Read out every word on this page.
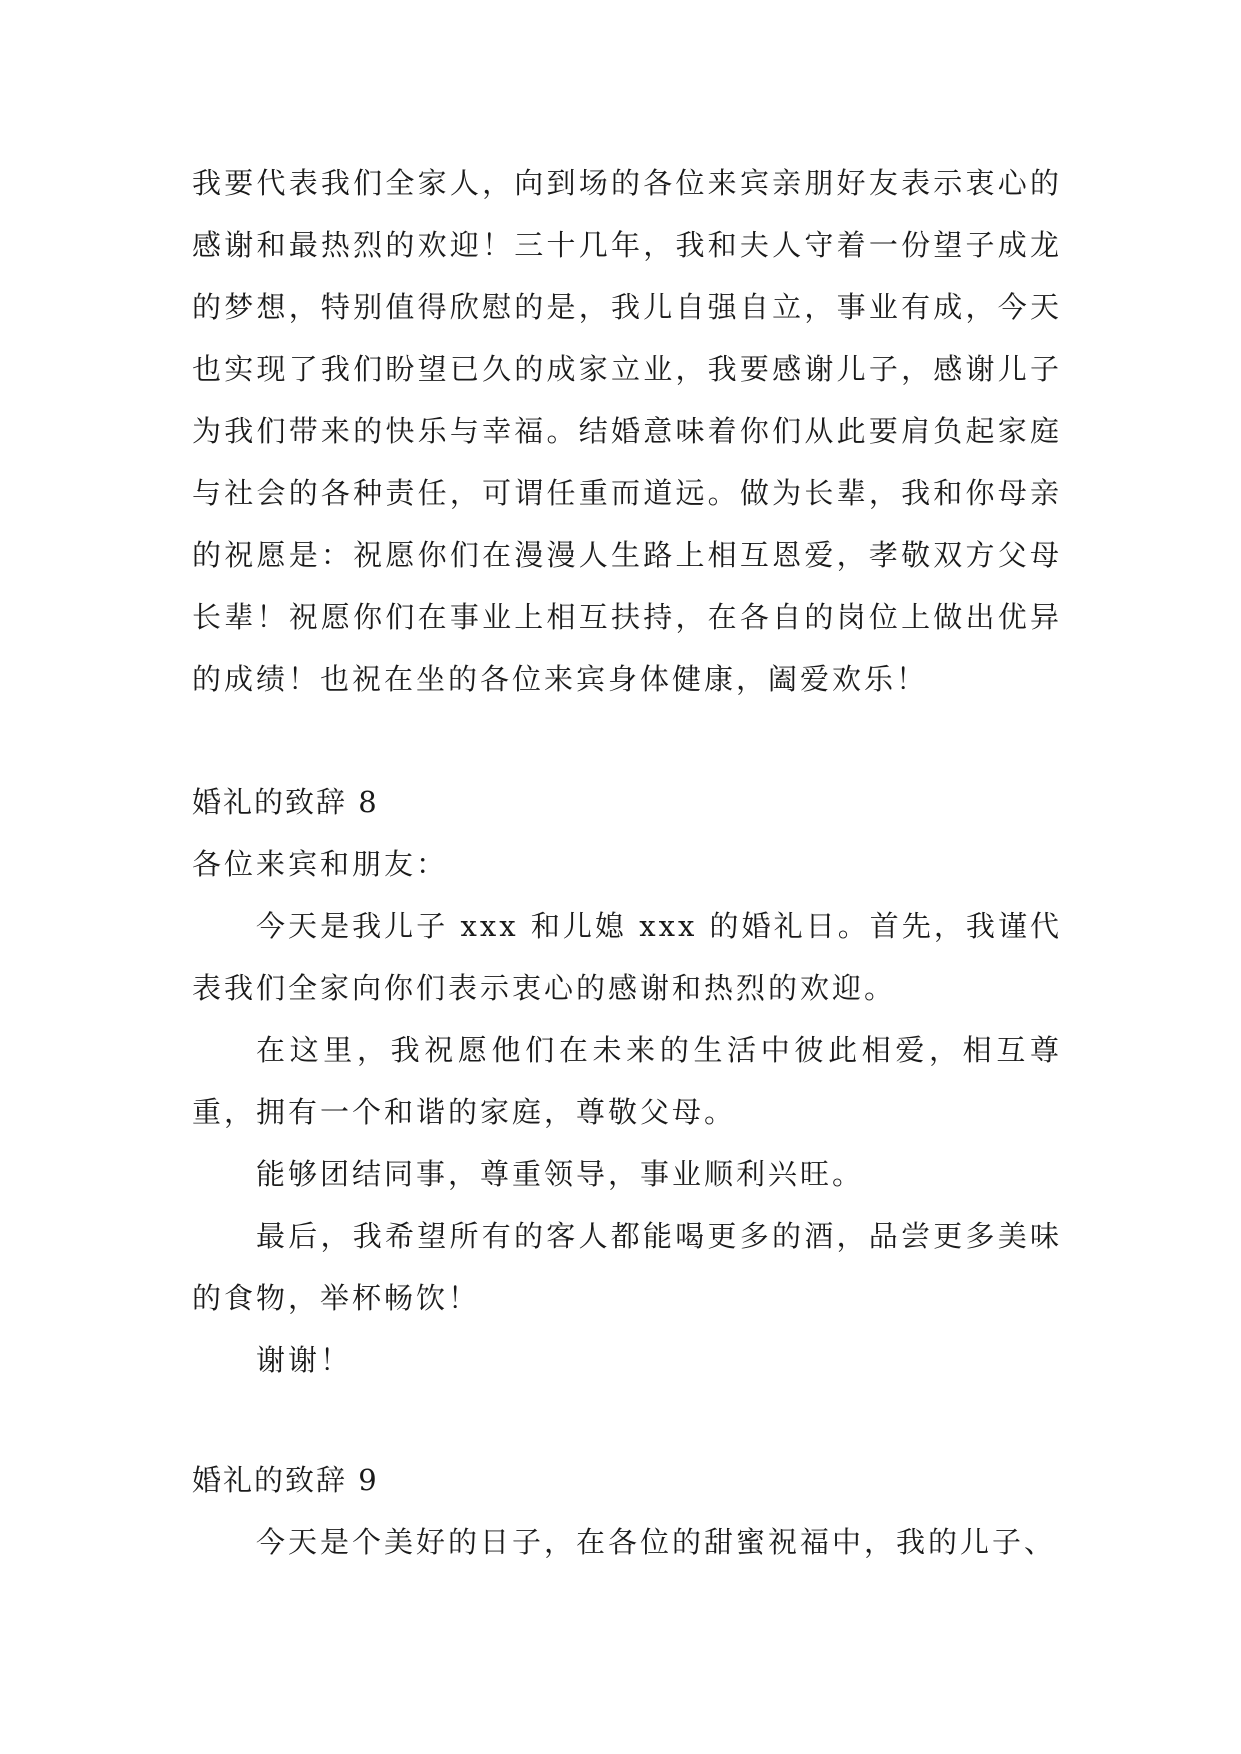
我要代表我们全家人，向到场的各位来宾亲朋好友表示衷心的感谢和最热烈的欢迎！三十几年，我和夫人守着一份望子成龙的梦想，特别值得欣慰的是，我儿自强自立，事业有成，今天也实现了我们盼望已久的成家立业，我要感谢儿子，感谢儿子为我们带来的快乐与幸福。结婚意味着你们从此要肩负起家庭与社会的各种责任，可谓任重而道远。做为长辈，我和你母亲的祝愿是：祝愿你们在漫漫人生路上相互恩爱，孝敬双方父母长辈！祝愿你们在事业上相互扶持，在各自的岗位上做出优异的成绩！也祝在坐的各位来宾身体健康，阖爱欢乐！

婚礼的致辞 8

各位来宾和朋友：

今天是我儿子 xxx 和儿媳 xxx 的婚礼日。首先，我谨代表我们全家向你们表示衷心的感谢和热烈的欢迎。

在这里，我祝愿他们在未来的生活中彼此相爱，相互尊重，拥有一个和谐的家庭，尊敬父母。

能够团结同事，尊重领导，事业顺利兴旺。

最后，我希望所有的客人都能喝更多的酒，品尝更多美味的食物，举杯畅饮！

谢谢！

婚礼的致辞 9

今天是个美好的日子，在各位的甜蜜祝福中，我的儿子、
